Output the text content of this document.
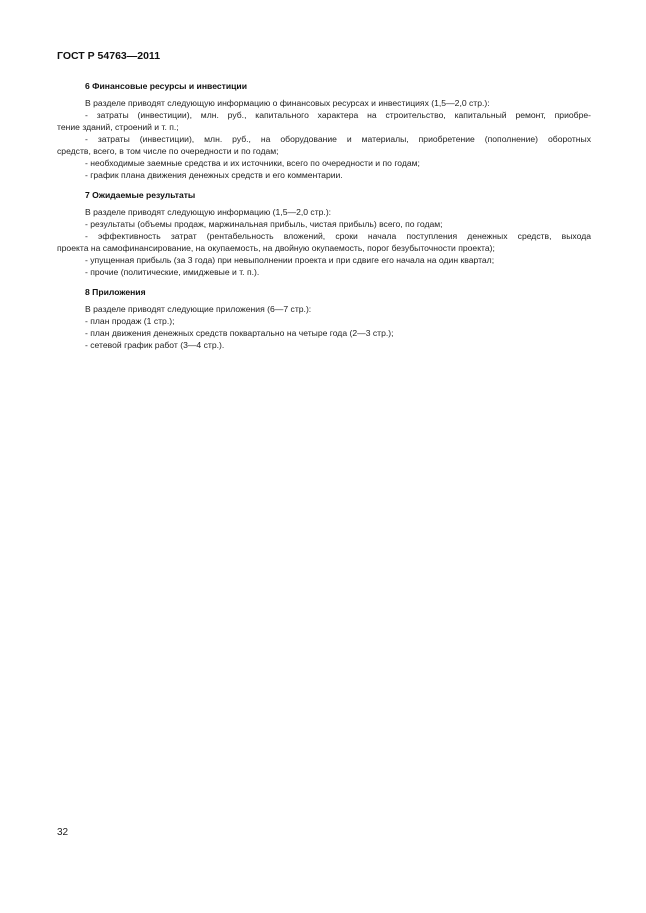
ГОСТ Р 54763—2011
6 Финансовые ресурсы и инвестиции
В разделе приводят следующую информацию о финансовых ресурсах и инвестициях (1,5—2,0 стр.):
- затраты (инвестиции), млн. руб., капитального характера на строительство, капитальный ремонт, приобре-
тение зданий, строений и т. п.;
- затраты (инвестиции), млн. руб., на оборудование и материалы, приобретение (пополнение) оборотных
средств, всего, в том числе по очередности и по годам;
- необходимые заемные средства и их источники, всего по очередности и по годам;
- график плана движения денежных средств и его комментарии.
7 Ожидаемые результаты
В разделе приводят следующую информацию (1,5—2,0 стр.):
- результаты (объемы продаж, маржинальная прибыль, чистая прибыль) всего, по годам;
- эффективность затрат (рентабельность вложений, сроки начала поступления денежных средств, выхода
проекта на самофинансирование, на окупаемость, на двойную окупаемость, порог безубыточности проекта);
- упущенная прибыль (за 3 года) при невыполнении проекта и при сдвиге его начала на один квартал;
- прочие (политические, имиджевые и т. п.).
8 Приложения
В разделе приводят следующие приложения (6—7 стр.):
- план продаж (1 стр.);
- план движения денежных средств поквартально на четыре года (2—3 стр.);
- сетевой график работ (3—4 стр.).
32
